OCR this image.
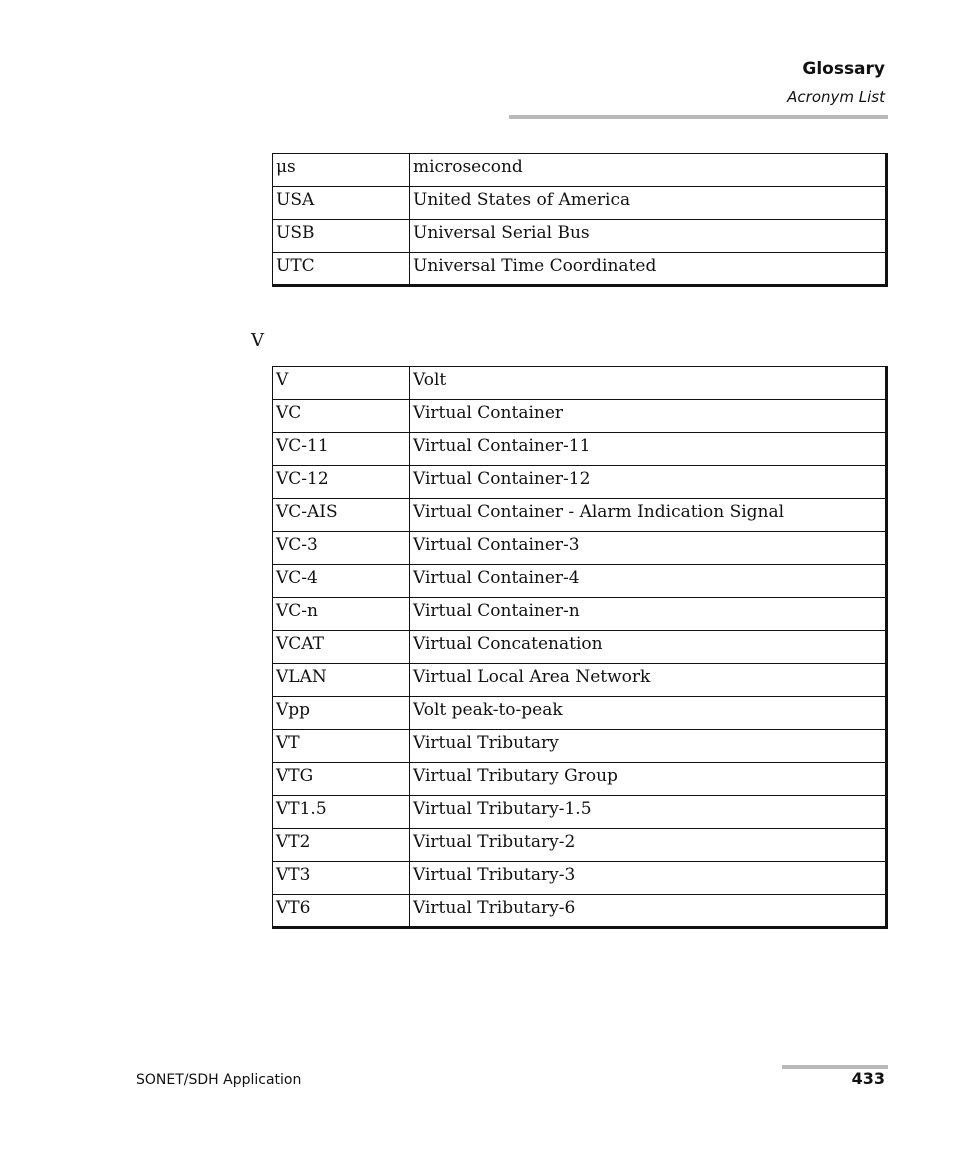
Glossary
Acronym List
μs	microsecond
USA	United States of America
USB	Universal Serial Bus
UTC	Universal Time Coordinated
V
V	Volt
VC	Virtual Container
VC-11	Virtual Container-11
VC-12	Virtual Container-12
VC-AIS	Virtual Container - Alarm Indication Signal
VC-3	Virtual Container-3
VC-4	Virtual Container-4
VC-n	Virtual Container-n
VCAT	Virtual Concatenation
VLAN	Virtual Local Area Network
Vpp	Volt peak-to-peak
VT	Virtual Tributary
VTG	Virtual Tributary Group
VT1.5	Virtual Tributary-1.5
VT2	Virtual Tributary-2
VT3	Virtual Tributary-3
VT6	Virtual Tributary-6
SONET/SDH Application	433
